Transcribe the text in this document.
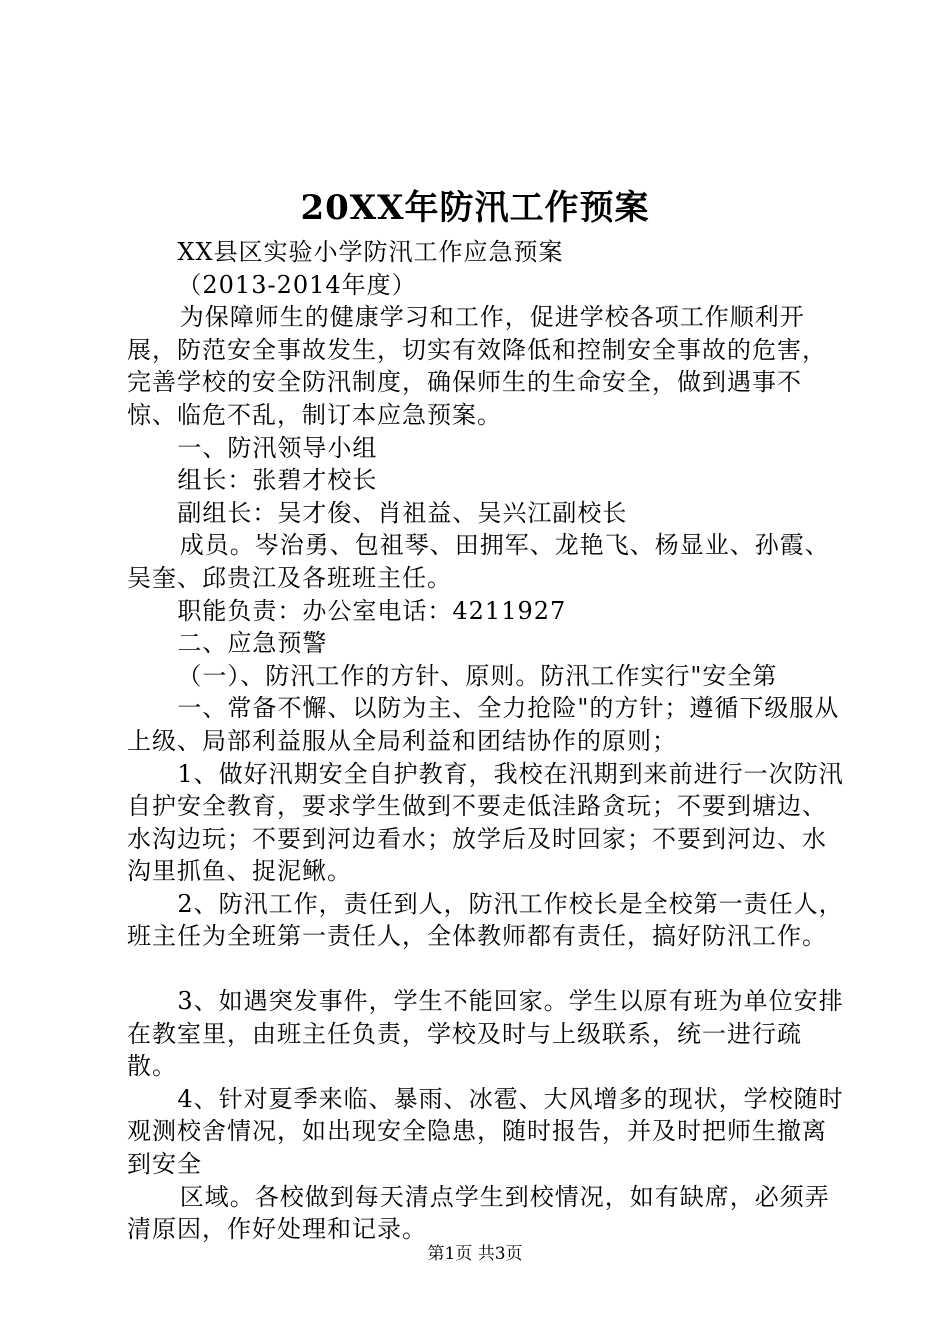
20XX年防汛工作预案

XX县区实验小学防汛工作应急预案

（2013-2014年度）

为保障师生的健康学习和工作，促进学校各项工作顺利开展，防范安全事故发生，切实有效降低和控制安全事故的危害，完善学校的安全防汛制度，确保师生的生命安全，做到遇事不惊、临危不乱，制订本应急预案。

一、防汛领导小组

组长：张碧才校长

副组长：吴才俊、肖祖益、吴兴江副校长

成员。岑治勇、包祖琴、田拥军、龙艳飞、杨显业、孙霞、吴奎、邱贵江及各班班主任。

职能负责：办公室电话：4211927

二、应急预警

（一）、防汛工作的方针、原则。防汛工作实行"安全第

一、常备不懈、以防为主、全力抢险"的方针；遵循下级服从上级、局部利益服从全局利益和团结协作的原则；

1、做好汛期安全自护教育，我校在汛期到来前进行一次防汛自护安全教育，要求学生做到不要走低洼路贪玩；不要到塘边、水沟边玩；不要到河边看水；放学后及时回家；不要到河边、水沟里抓鱼、捉泥鳅。

2、防汛工作，责任到人，防汛工作校长是全校第一责任人，班主任为全班第一责任人，全体教师都有责任，搞好防汛工作。

3、如遇突发事件，学生不能回家。学生以原有班为单位安排在教室里，由班主任负责，学校及时与上级联系，统一进行疏散。

4、针对夏季来临、暴雨、冰雹、大风增多的现状，学校随时观测校舍情况，如出现安全隐患，随时报告，并及时把师生撤离到安全

区域。各校做到每天清点学生到校情况，如有缺席，必须弄清原因，作好处理和记录。

第1页 共3页
